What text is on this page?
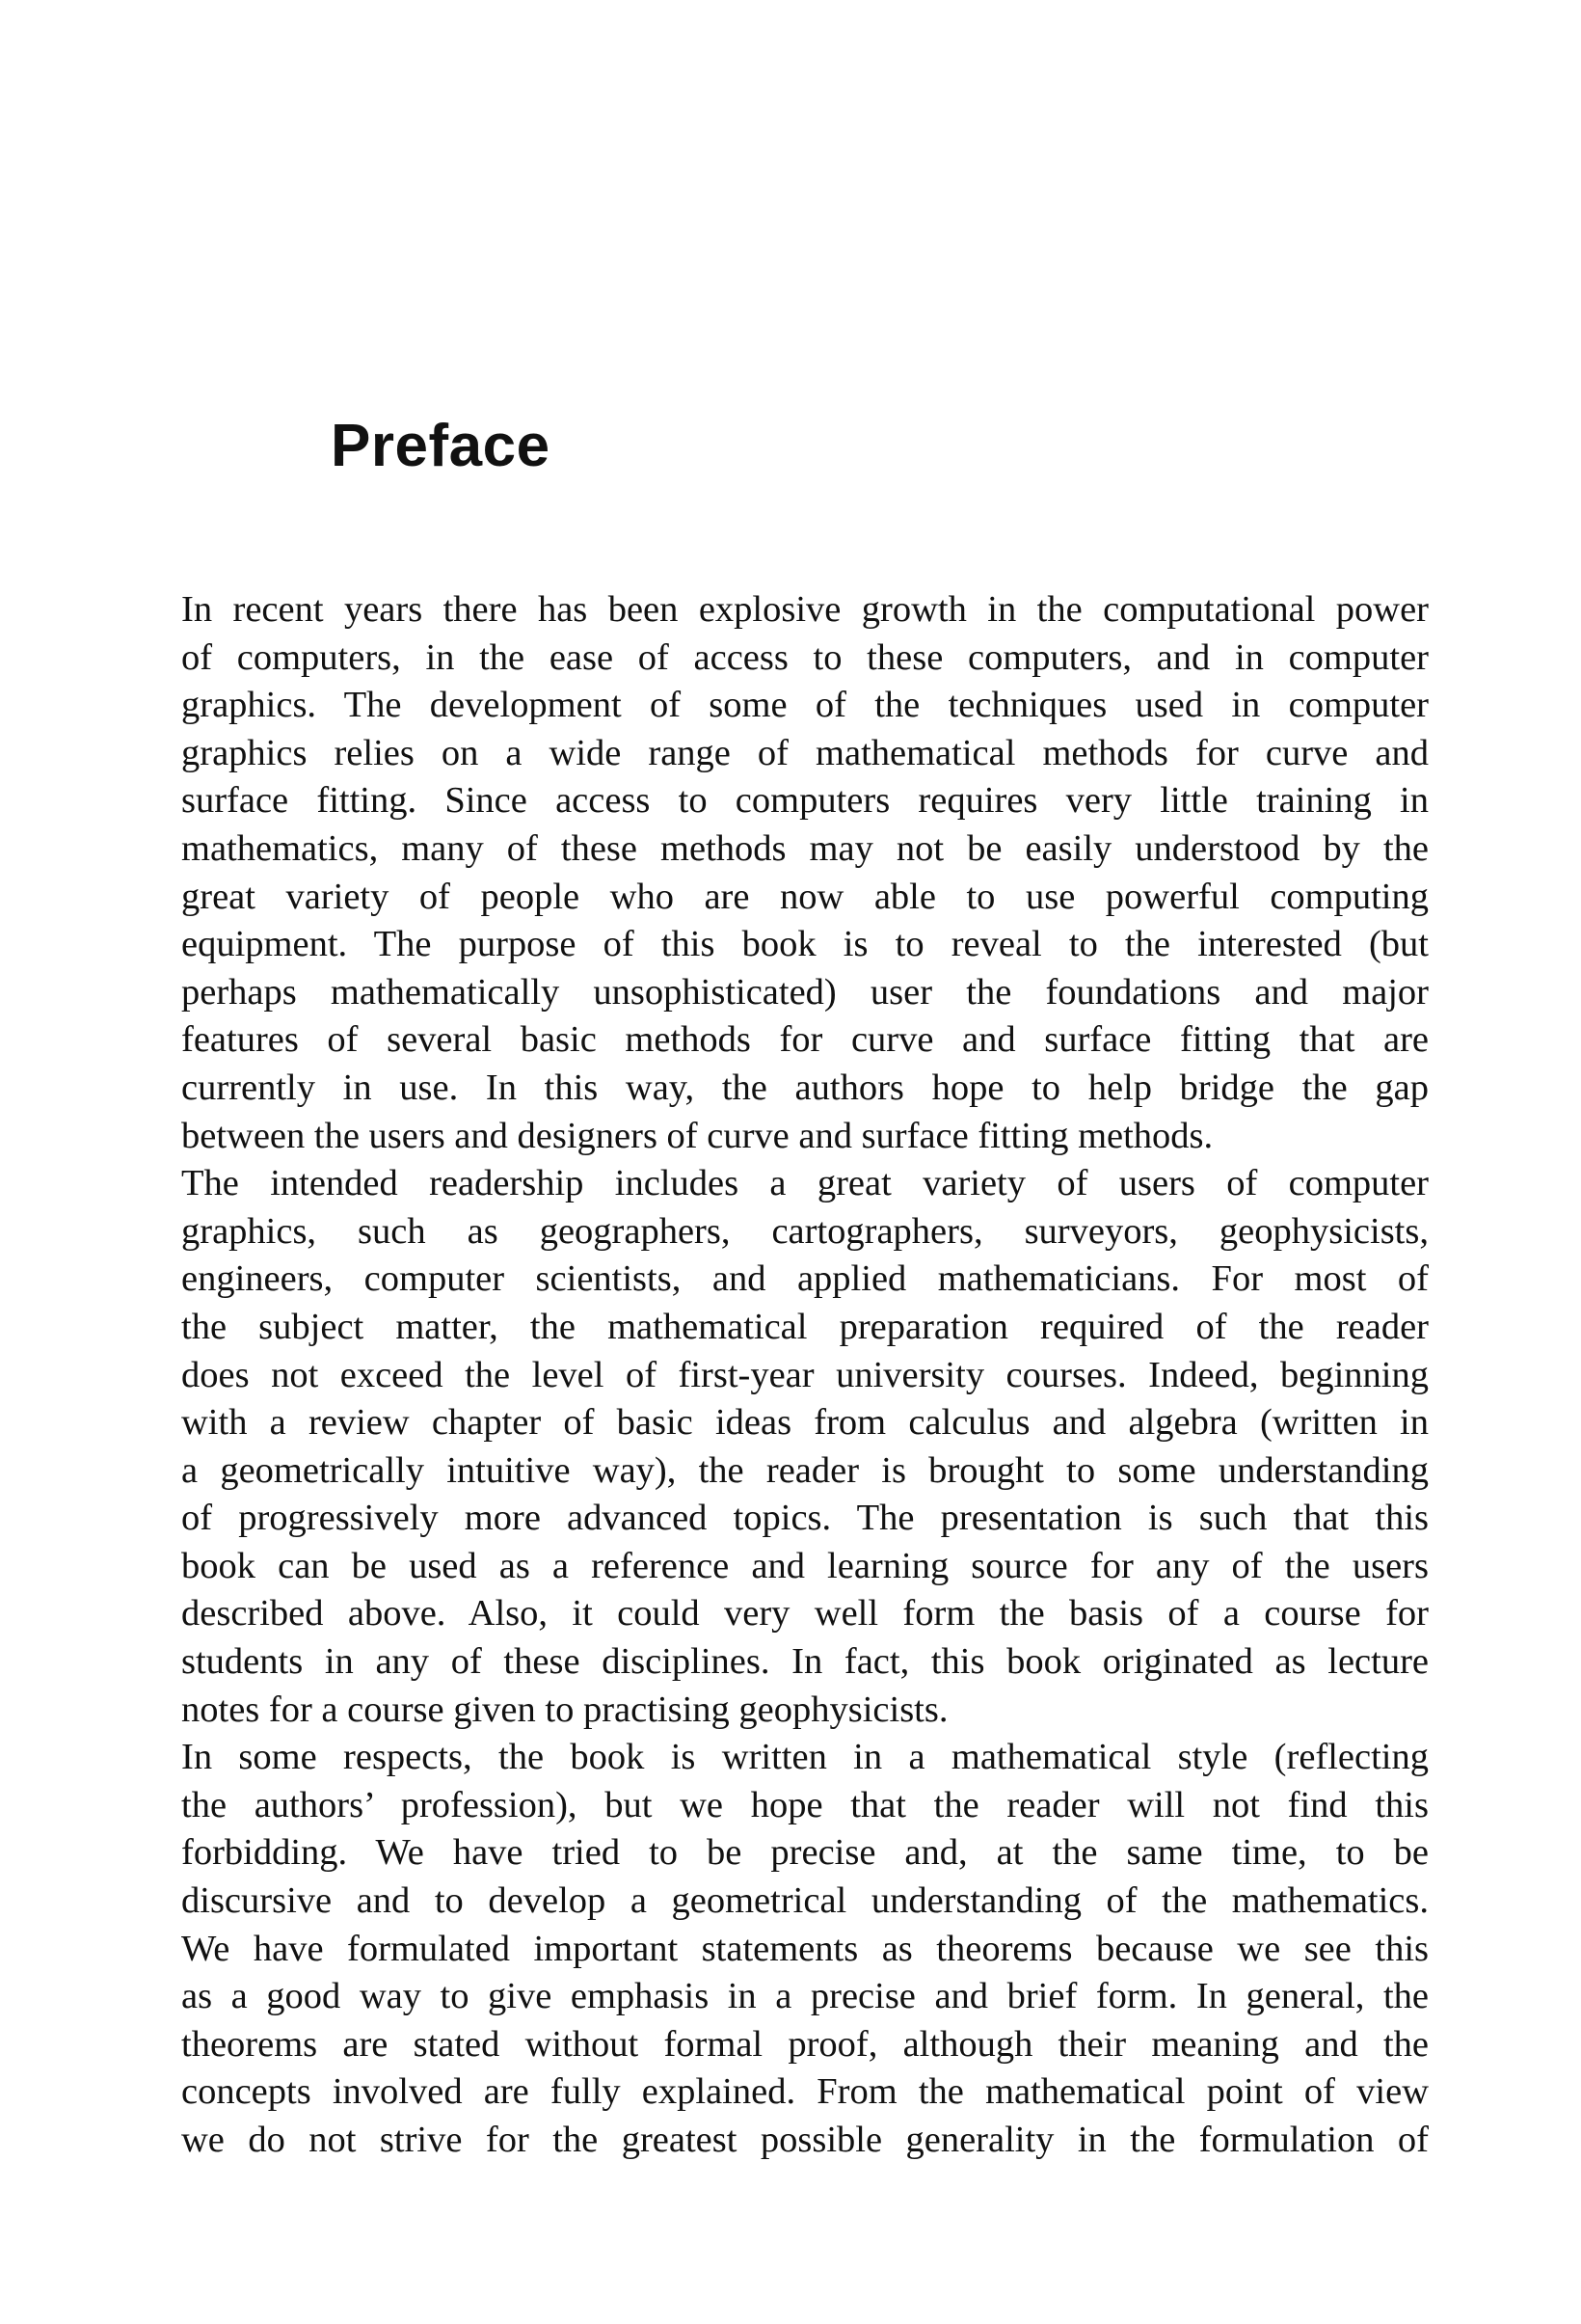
Preface
In recent years there has been explosive growth in the computational power
of computers, in the ease of access to these computers, and in computer
graphics. The development of some of the techniques used in computer
graphics relies on a wide range of mathematical methods for curve and
surface fitting. Since access to computers requires very little training in
mathematics, many of these methods may not be easily understood by the
great variety of people who are now able to use powerful computing
equipment. The purpose of this book is to reveal to the interested (but
perhaps mathematically unsophisticated) user the foundations and major
features of several basic methods for curve and surface fitting that are
currently in use. In this way, the authors hope to help bridge the gap
between the users and designers of curve and surface fitting methods.
The intended readership includes a great variety of users of computer
graphics, such as geographers, cartographers, surveyors, geophysicists,
engineers, computer scientists, and applied mathematicians. For most of
the subject matter, the mathematical preparation required of the reader
does not exceed the level of first-year university courses. Indeed, beginning
with a review chapter of basic ideas from calculus and algebra (written in
a geometrically intuitive way), the reader is brought to some understanding
of progressively more advanced topics. The presentation is such that this
book can be used as a reference and learning source for any of the users
described above. Also, it could very well form the basis of a course for
students in any of these disciplines. In fact, this book originated as lecture
notes for a course given to practising geophysicists.
In some respects, the book is written in a mathematical style (reflecting
the authors’ profession), but we hope that the reader will not find this
forbidding. We have tried to be precise and, at the same time, to be
discursive and to develop a geometrical understanding of the mathematics.
We have formulated important statements as theorems because we see this
as a good way to give emphasis in a precise and brief form. In general, the
theorems are stated without formal proof, although their meaning and the
concepts involved are fully explained. From the mathematical point of view
we do not strive for the greatest possible generality in the formulation of
